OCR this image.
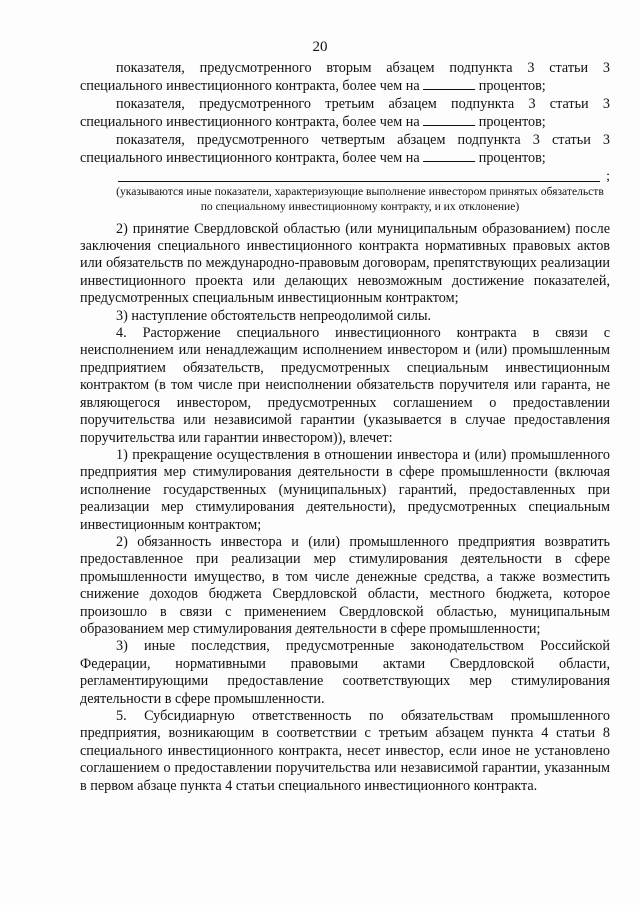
20

показателя, предусмотренного вторым абзацем подпункта 3 статьи 3 специального инвестиционного контракта, более чем на	процентов;

показателя, предусмотренного третьим абзацем подпункта 3 статьи 3 специального инвестиционного контракта, более чем на	процентов;

показателя, предусмотренного четвертым абзацем подпункта 3 статьи 3 специального инвестиционного контракта, более чем на	процентов;

;

(указываются иные показатели, характеризующие выполнение инвестором принятых обязательств по специальному инвестиционному контракту, и их отклонение)

2) принятие Свердловской областью (или муниципальным образованием) после заключения специального инвестиционного контракта нормативных правовых актов или обязательств по международно-правовым договорам, препятствующих реализации инвестиционного проекта или делающих невозможным достижение показателей, предусмотренных специальным инвестиционным контрактом;

3) наступление обстоятельств непреодолимой силы.

4. Расторжение специального инвестиционного контракта в связи с неисполнением или ненадлежащим исполнением инвестором и (или) промышленным предприятием обязательств, предусмотренных специальным инвестиционным контрактом (в том числе при неисполнении обязательств поручителя или гаранта, не являющегося инвестором, предусмотренных соглашением о предоставлении поручительства или независимой гарантии (указывается в случае предоставления поручительства или гарантии инвестором)), влечет:

1) прекращение осуществления в отношении инвестора и (или) промышленного предприятия мер стимулирования деятельности в сфере промышленности (включая исполнение государственных (муниципальных) гарантий, предоставленных при реализации мер стимулирования деятельности), предусмотренных специальным инвестиционным контрактом;

2) обязанность инвестора и (или) промышленного предприятия возвратить предоставленное при реализации мер стимулирования деятельности в сфере промышленности имущество, в том числе денежные средства, а также возместить снижение доходов бюджета Свердловской области, местного бюджета, которое произошло в связи с применением Свердловской областью, муниципальным образованием мер стимулирования деятельности в сфере промышленности;

3) иные последствия, предусмотренные законодательством Российской Федерации, нормативными правовыми актами Свердловской области, регламентирующими предоставление соответствующих мер стимулирования деятельности в сфере промышленности.

5. Субсидиарную ответственность по обязательствам промышленного предприятия, возникающим в соответствии с третьим абзацем пункта 4 статьи 8 специального инвестиционного контракта, несет инвестор, если иное не установлено соглашением о предоставлении поручительства или независимой гарантии, указанным в первом абзаце пункта 4 статьи специального инвестиционного контракта.
